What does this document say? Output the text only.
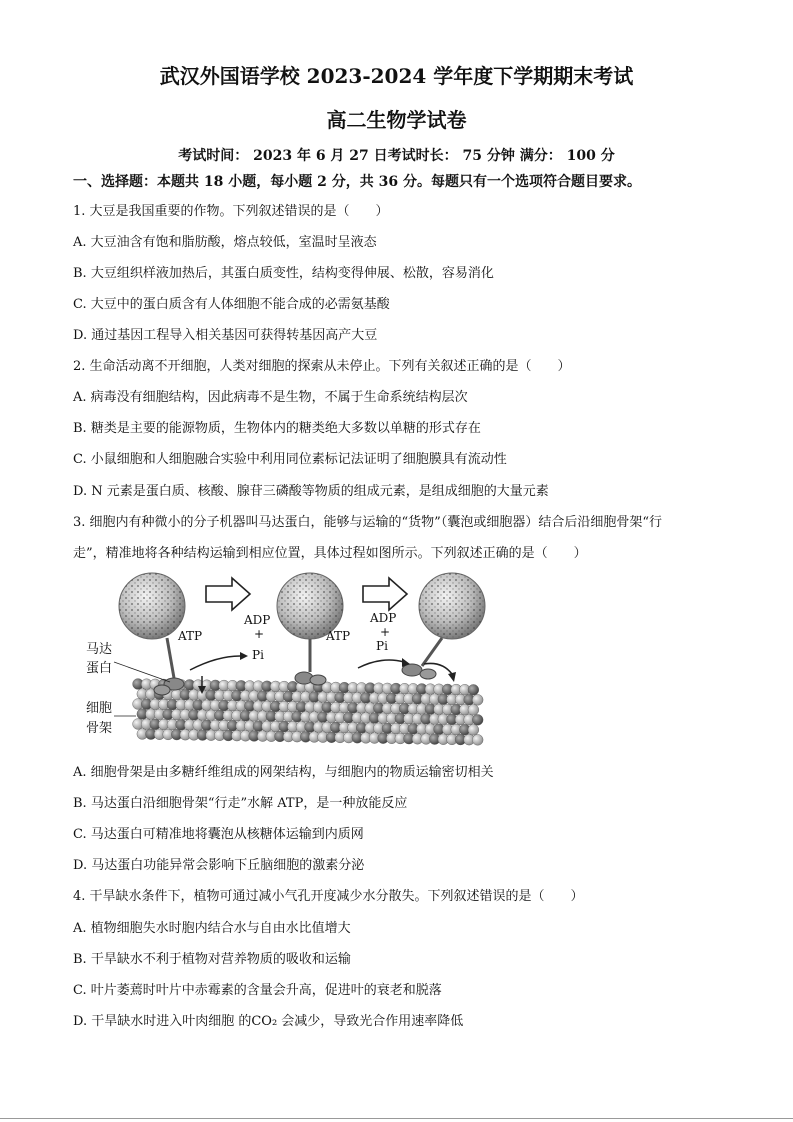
武汉外国语学校 2023-2024 学年度下学期期末考试
高二生物学试卷
考试时间： 2023 年 6 月 27 日考试时长： 75 分钟 满分： 100 分
一、选择题：本题共 18 小题，每小题 2 分，共 36 分。每题只有一个选项符合题目要求。
1. 大豆是我国重要的作物。下列叙述错误的是（　　）
A. 大豆油含有饱和脂肪酸，熔点较低，室温时呈液态
B. 大豆组织样液加热后，其蛋白质变性，结构变得伸展、松散，容易消化
C. 大豆中的蛋白质含有人体细胞不能合成的必需氨基酸
D. 通过基因工程导入相关基因可获得转基因高产大豆
2. 生命活动离不开细胞，人类对细胞的探索从未停止。下列有关叙述正确的是（　　）
A. 病毒没有细胞结构，因此病毒不是生物，不属于生命系统结构层次
B. 糖类是主要的能源物质，生物体内的糖类绝大多数以单糖的形式存在
C. 小鼠细胞和人细胞融合实验中利用同位素标记法证明了细胞膜具有流动性
D. N 元素是蛋白质、核酸、腺苷三磷酸等物质的组成元素，是组成细胞的大量元素
3. 细胞内有种微小的分子机器叫马达蛋白，能够与运输的“货物”（囊泡或细胞器）结合后沿细胞骨架“行
走”，精准地将各种结构运输到相应位置，具体过程如图所示。下列叙述正确的是（　　）
马达
蛋白
细胞
骨架
ATP
ADP
+
Pi
ATP
ADP
+
Pi
A. 细胞骨架是由多糖纤维组成的网架结构，与细胞内的物质运输密切相关
B. 马达蛋白沿细胞骨架“行走”水解 ATP，是一种放能反应
C. 马达蛋白可精准地将囊泡从核糖体运输到内质网
D. 马达蛋白功能异常会影响下丘脑细胞的激素分泌
4. 干旱缺水条件下，植物可通过减小气孔开度减少水分散失。下列叙述错误的是（　　）
A. 植物细胞失水时胞内结合水与自由水比值增大
B. 干旱缺水不利于植物对营养物质的吸收和运输
C. 叶片萎蔫时叶片中赤霉素的含量会升高，促进叶的衰老和脱落
D. 干旱缺水时进入叶肉细胞 的CO₂ 会减少，导致光合作用速率降低
